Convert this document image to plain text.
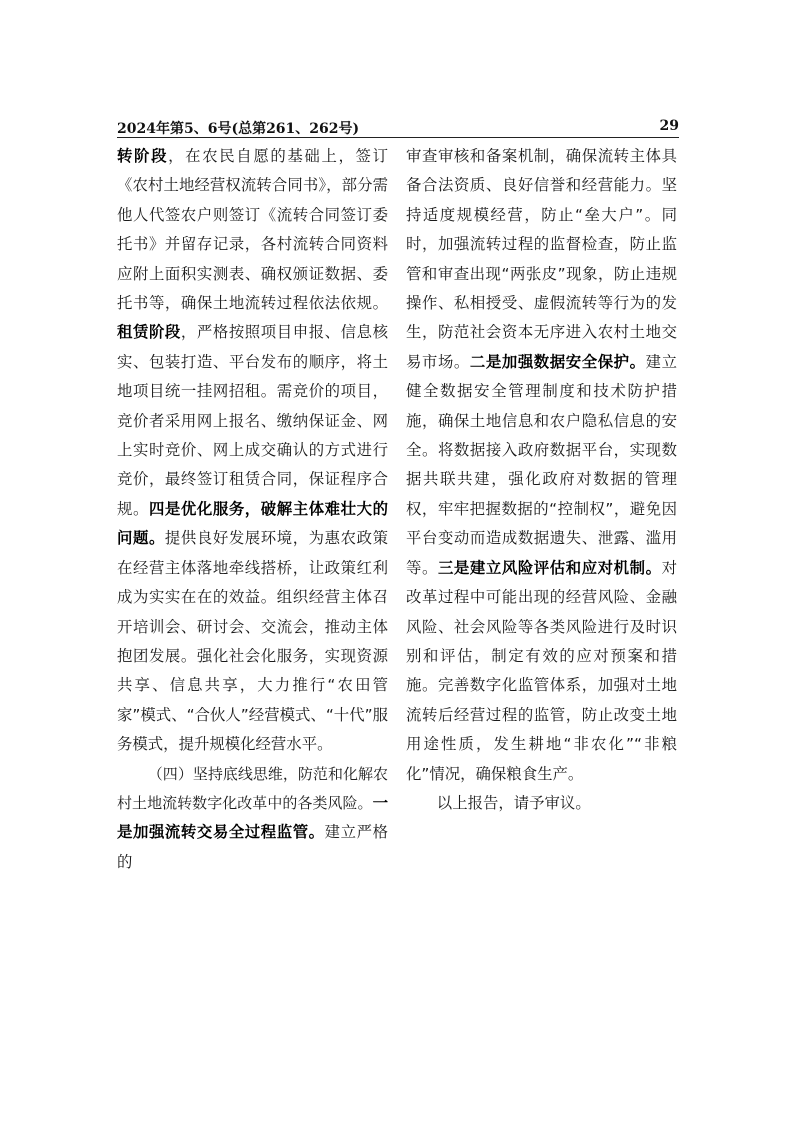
2024年第5、6号(总第261、262号)	29

转阶段，在农民自愿的基础上，签订《农村土地经营权流转合同书》，部分需他人代签农户则签订《流转合同签订委托书》并留存记录，各村流转合同资料应附上面积实测表、确权颁证数据、委托书等，确保土地流转过程依法依规。租赁阶段，严格按照项目申报、信息核实、包装打造、平台发布的顺序，将土地项目统一挂网招租。需竞价的项目，竞价者采用网上报名、缴纳保证金、网上实时竞价、网上成交确认的方式进行竞价，最终签订租赁合同，保证程序合规。四是优化服务，破解主体难壮大的问题。提供良好发展环境，为惠农政策在经营主体落地牵线搭桥，让政策红利成为实实在在的效益。组织经营主体召开培训会、研讨会、交流会，推动主体抱团发展。强化社会化服务，实现资源共享、信息共享，大力推行“农田管家”模式、“合伙人”经营模式、“十代”服务模式，提升规模化经营水平。

（四）坚持底线思维，防范和化解农村土地流转数字化改革中的各类风险。一是加强流转交易全过程监管。建立严格的

审查审核和备案机制，确保流转主体具备合法资质、良好信誉和经营能力。坚持适度规模经营，防止“垒大户”。同时，加强流转过程的监督检查，防止监管和审查出现“两张皮”现象，防止违规操作、私相授受、虚假流转等行为的发生，防范社会资本无序进入农村土地交易市场。二是加强数据安全保护。建立健全数据安全管理制度和技术防护措施，确保土地信息和农户隐私信息的安全。将数据接入政府数据平台，实现数据共联共建，强化政府对数据的管理权，牢牢把握数据的“控制权”，避免因平台变动而造成数据遗失、泄露、滥用等。三是建立风险评估和应对机制。对改革过程中可能出现的经营风险、金融风险、社会风险等各类风险进行及时识别和评估，制定有效的应对预案和措施。完善数字化监管体系，加强对土地流转后经营过程的监管，防止改变土地用途性质，发生耕地“非农化”“非粮化”情况，确保粮食生产。

以上报告，请予审议。
